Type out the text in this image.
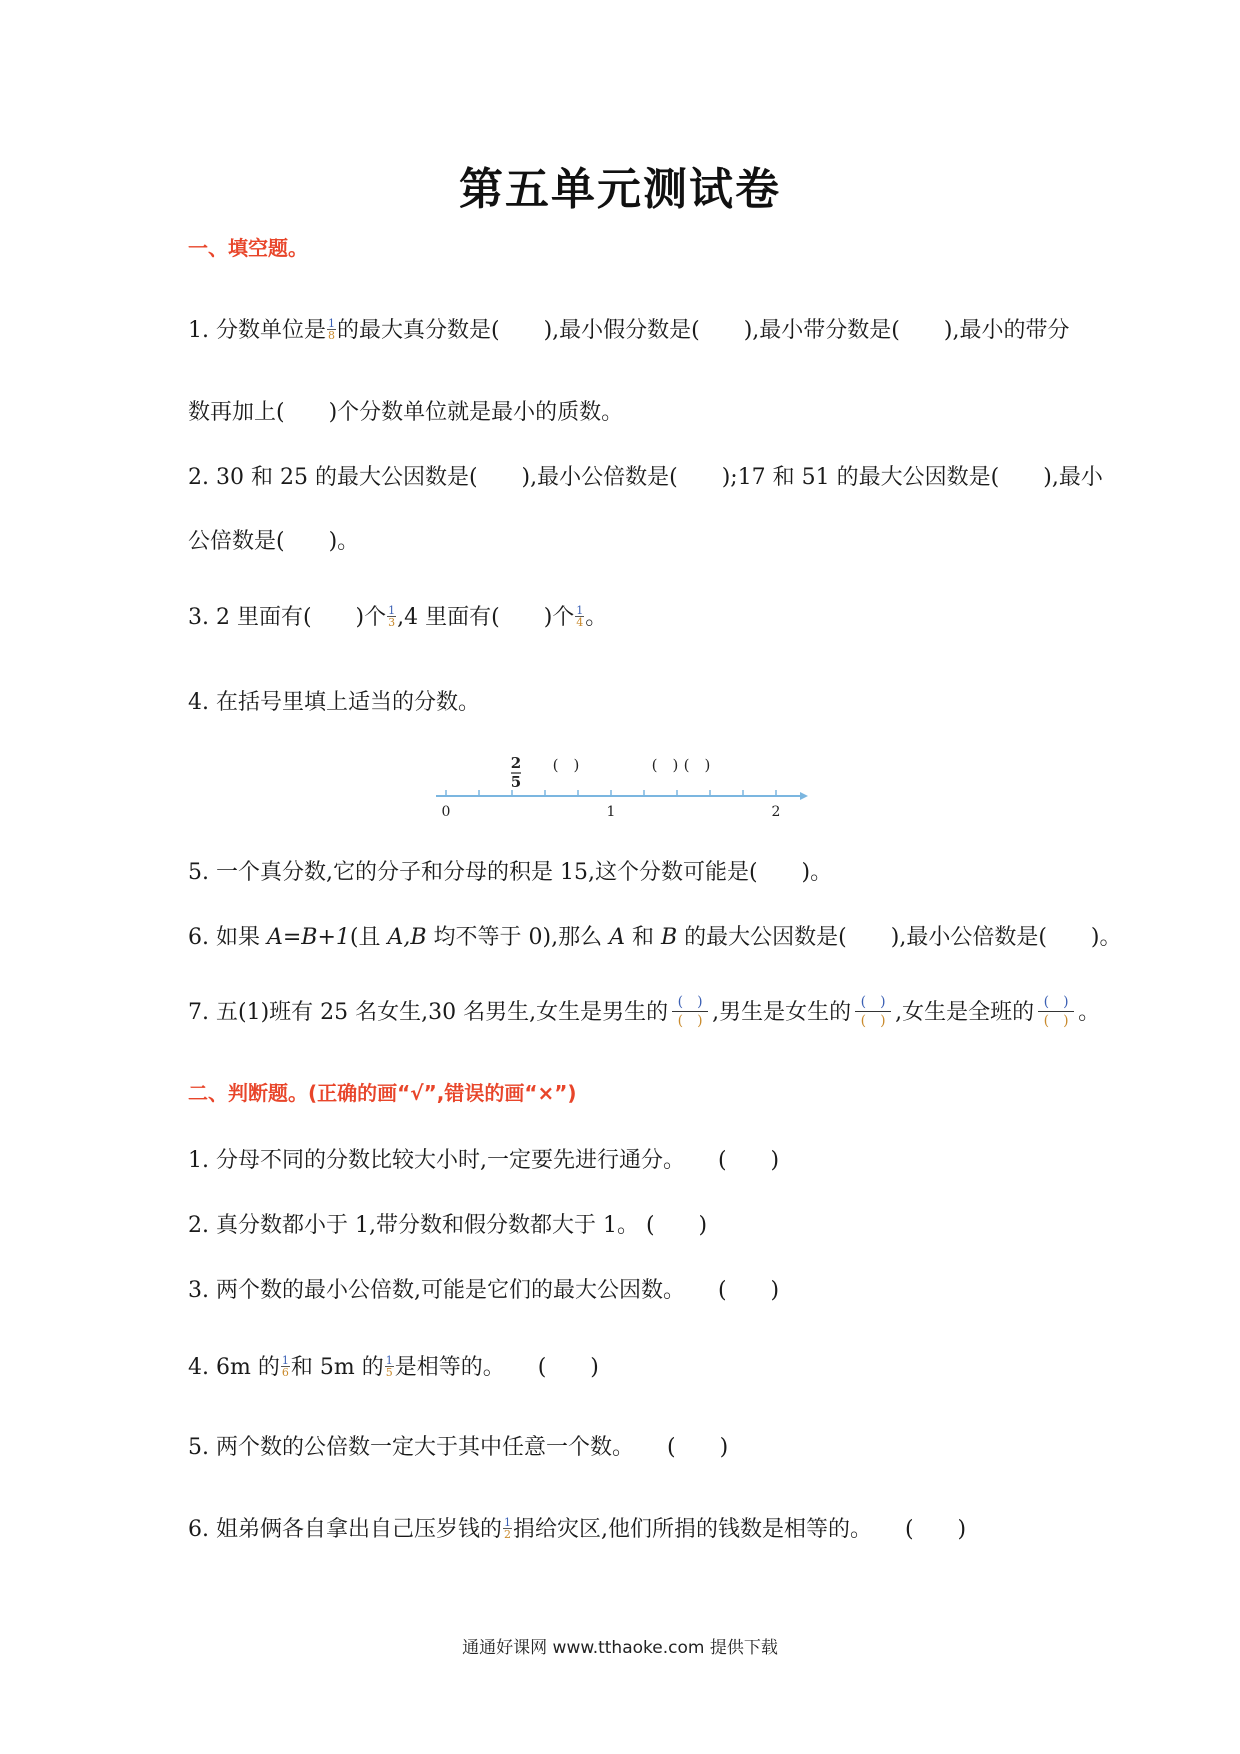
第五单元测试卷
一、填空题。
1. 分数单位是 $\frac{1}{8}$ 的最大真分数是(　　),最小假分数是(　　),最小带分数是(　　),最小的带分
数再加上(　　)个分数单位就是最小的质数。
2. 30 和 25 的最大公因数是(　　),最小公倍数是(　　);17 和 51 的最大公因数是(　　),最小
公倍数是(　　)。
3. 2 里面有(　　)个 $\frac{1}{3} ,4$ 里面有(　　)个 $\frac{1}{4}$ 。
4. 在括号里填上适当的分数。
2
5
(　)	(　) (　)
0	1	2
5. 一个真分数,它的分子和分母的积是 15,这个分数可能是(　　)。
6. 如果 A=B+1(且 A,B 均不等于 0),那么 A 和 B 的最大公因数是(　　),最小公倍数是(　　)。
7. 五(1)班有 25 名女生,30 名男生,女生是男生的 (　)
(　) ,男生是女生的 (　)
(　) ,女生是全班的 (　)
(　) 。
二、判断题。(正确的画“√”,错误的画“×”)
1. 分母不同的分数比较大小时,一定要先进行通分。　　(　　)
2. 真分数都小于 1,带分数和假分数都大于 1。 (　　)
3. 两个数的最小公倍数,可能是它们的最大公因数。　　(　　)
4. 6m 的 $\frac{1}{6}$ 和 5m 的 $\frac{1}{5}$ 是相等的。　　(　　)
5. 两个数的公倍数一定大于其中任意一个数。　　(　　)
6. 姐弟俩各自拿出自己压岁钱的 $\frac{1}{2}$ 捐给灾区,他们所捐的钱数是相等的。　　(　　)
通通好课网 www.tthaoke.com 提供下载
